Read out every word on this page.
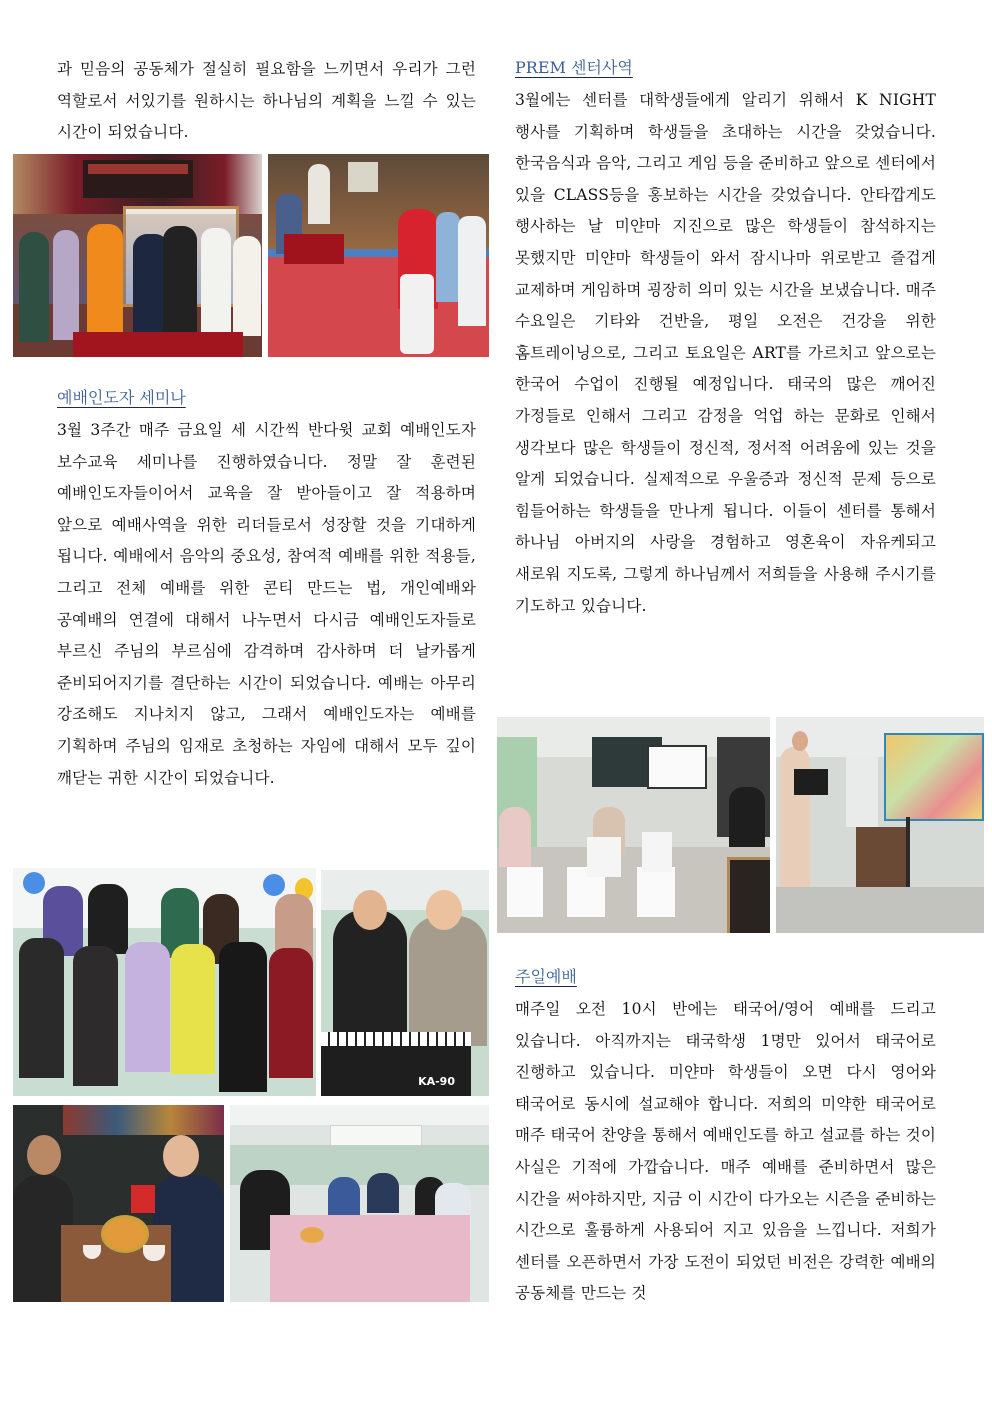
과 믿음의 공동체가 절실히 필요함을 느끼면서 우리가 그런 역할로서 서있기를 원하시는 하나님의 계획을 느낄 수 있는 시간이 되었습니다.

예배인도자 세미나

3월 3주간 매주 금요일 세 시간씩 반다윗 교회 예배인도자 보수교육 세미나를 진행하였습니다. 정말 잘 훈련된 예배인도자들이어서 교육을 잘 받아들이고 잘 적용하며 앞으로 예배사역을 위한 리더들로서 성장할 것을 기대하게 됩니다. 예배에서 음악의 중요성, 참여적 예배를 위한 적용들, 그리고 전체 예배를 위한 콘티 만드는 법, 개인예배와 공예배의 연결에 대해서 나누면서 다시금 예배인도자들로 부르신 주님의 부르심에 감격하며 감사하며 더 날카롭게 준비되어지기를 결단하는 시간이 되었습니다. 예배는 아무리 강조해도 지나치지 않고, 그래서 예배인도자는 예배를 기획하며 주님의 임재로 초청하는 자임에 대해서 모두 깊이 깨닫는 귀한 시간이 되었습니다.

KA-90
PREM 센터사역

3월에는 센터를 대학생들에게 알리기 위해서 K NIGHT 행사를 기획하며 학생들을 초대하는 시간을 갖었습니다. 한국음식과 음악, 그리고 게임 등을 준비하고 앞으로 센터에서 있을 CLASS등을 홍보하는 시간을 갖었습니다. 안타깝게도 행사하는 날 미얀마 지진으로 많은 학생들이 참석하지는 못했지만 미얀마 학생들이 와서 잠시나마 위로받고 즐겁게 교제하며 게임하며 굉장히 의미 있는 시간을 보냈습니다. 매주 수요일은 기타와 건반을, 평일 오전은 건강을 위한 홈트레이닝으로, 그리고 토요일은 ART를 가르치고 앞으로는 한국어 수업이 진행될 예정입니다. 태국의 많은 깨어진 가정들로 인해서 그리고 감정을 억업 하는 문화로 인해서 생각보다 많은 학생들이 정신적, 정서적 어려움에 있는 것을 알게 되었습니다. 실제적으로 우울증과 정신적 문제 등으로 힘들어하는 학생들을 만나게 됩니다. 이들이 센터를 통해서 하나님 아버지의 사랑을 경험하고 영혼육이 자유케되고 새로워 지도록, 그렇게 하나님께서 저희들을 사용해 주시기를 기도하고 있습니다.

주일예배

매주일 오전 10시 반에는 태국어/영어 예배를 드리고 있습니다. 아직까지는 태국학생 1명만 있어서 태국어로 진행하고 있습니다. 미얀마 학생들이 오면 다시 영어와 태국어로 동시에 설교해야 합니다. 저희의 미약한 태국어로 매주 태국어 찬양을 통해서 예배인도를 하고 설교를 하는 것이 사실은 기적에 가깝습니다. 매주 예배를 준비하면서 많은 시간을 써야하지만, 지금 이 시간이 다가오는 시즌을 준비하는 시간으로 훌륭하게 사용되어 지고 있음을 느낍니다. 저희가 센터를 오픈하면서 가장 도전이 되었던 비전은 강력한 예배의 공동체를 만드는 것
